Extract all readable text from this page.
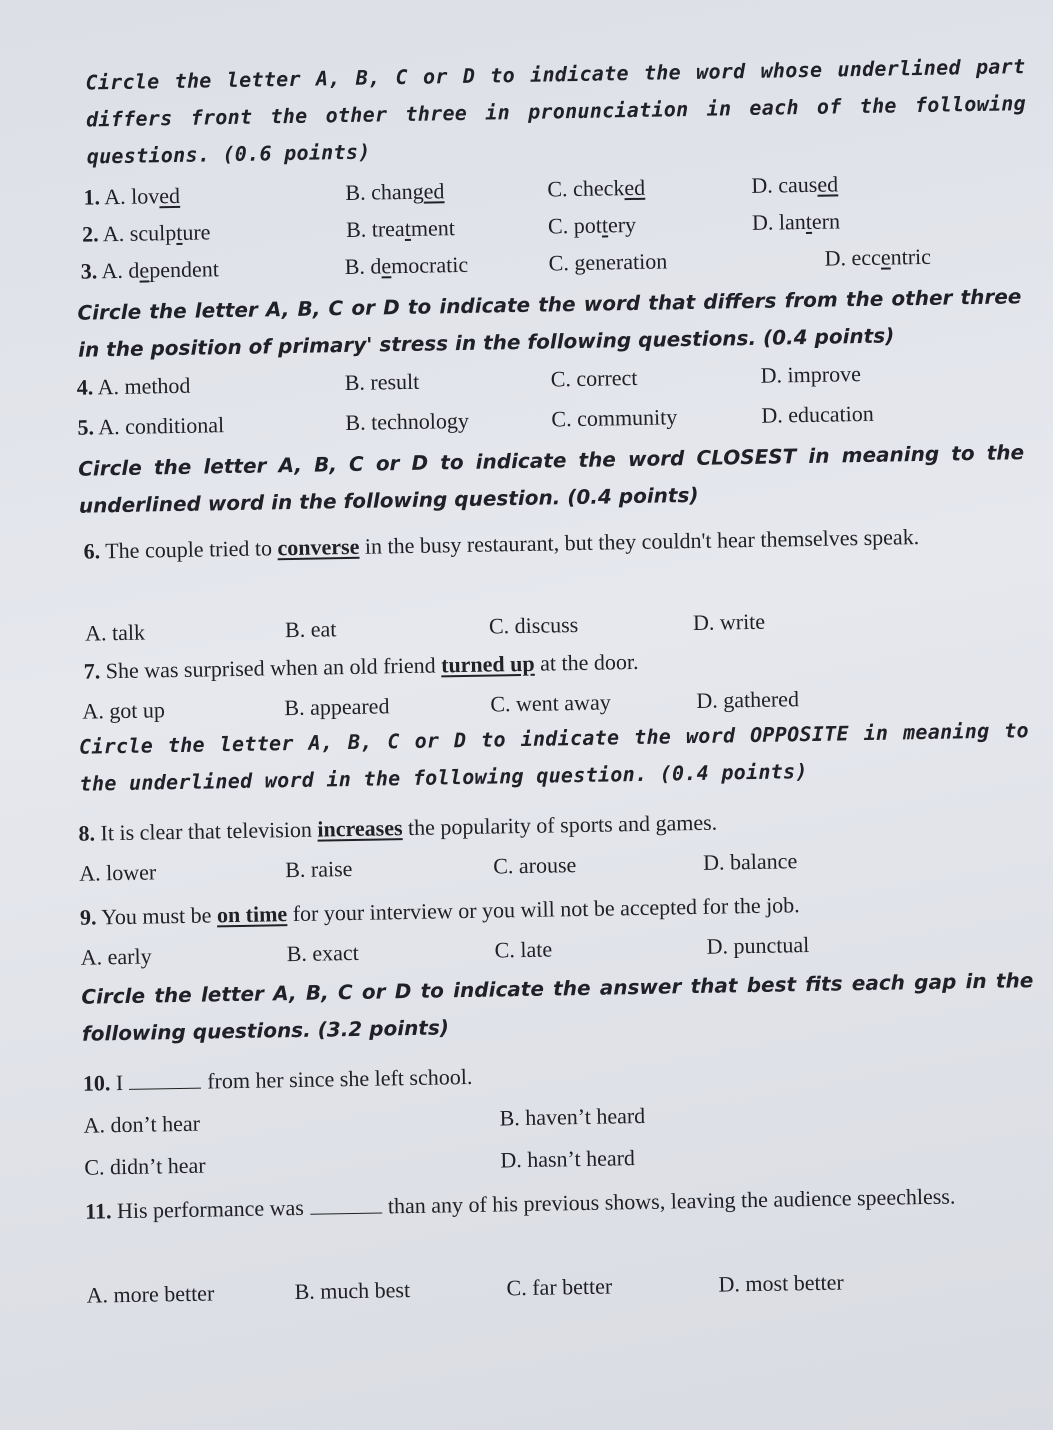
Circle the letter A, B, C or D to indicate the word whose underlined part differs front the other three in pronunciation in each of the following questions. (0.6 points)
1. A. loved	B. changed	C. checked	D. caused
2. A. sculpture	B. treatment	C. pottery	D. lantern
3. A. dependent	B. democratic	C. generation	D. eccentric
Circle the letter A, B, C or D to indicate the word that differs from the other three in the position of primary' stress in the following questions. (0.4 points)
4. A. method	B. result	C. correct	D. improve
5. A. conditional	B. technology	C. community	D. education
Circle the letter A, B, C or D to indicate the word CLOSEST in meaning to the underlined word in the following question. (0.4 points)
6. The couple tried to converse in the busy restaurant, but they couldn't hear themselves speak.
A. talk	B. eat	C. discuss	D. write
7. She was surprised when an old friend turned up at the door.
A. got up	B. appeared	C. went away	D. gathered
Circle the letter A, B, C or D to indicate the word OPPOSITE in meaning to the underlined word in the following question. (0.4 points)
8. It is clear that television increases the popularity of sports and games.
A. lower	B. raise	C. arouse	D. balance
9. You must be on time for your interview or you will not be accepted for the job.
A. early	B. exact	C. late	D. punctual
Circle the letter A, B, C or D to indicate the answer that best fits each gap in the following questions. (3.2 points)
10. I	from her since she left school.
A. don’t hear	B. haven’t heard
C. didn’t hear	D. hasn’t heard
11. His performance was	than any of his previous shows, leaving the audience speechless.
A. more better	B. much best	C. far better	D. most better
